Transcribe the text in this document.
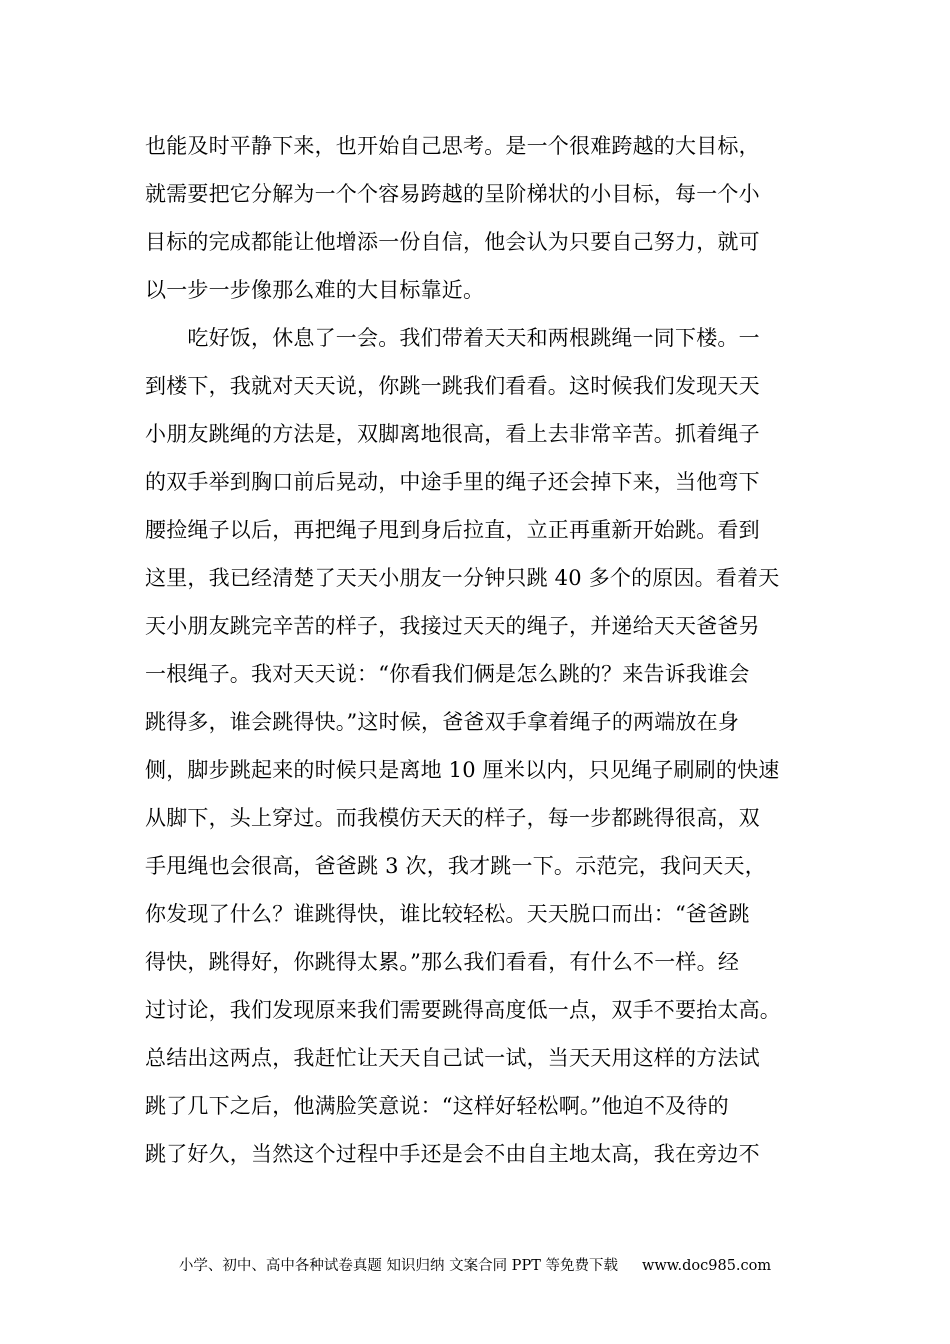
也能及时平静下来，也开始自己思考。是一个很难跨越的大目标，
就需要把它分解为一个个容易跨越的呈阶梯状的小目标，每一个小
目标的完成都能让他增添一份自信，他会认为只要自己努力，就可
以一步一步像那么难的大目标靠近。
　　吃好饭，休息了一会。我们带着天天和两根跳绳一同下楼。一
到楼下，我就对天天说，你跳一跳我们看看。这时候我们发现天天
小朋友跳绳的方法是，双脚离地很高，看上去非常辛苦。抓着绳子
的双手举到胸口前后晃动，中途手里的绳子还会掉下来，当他弯下
腰捡绳子以后，再把绳子甩到身后拉直，立正再重新开始跳。看到
这里，我已经清楚了天天小朋友一分钟只跳 40 多个的原因。看着天
天小朋友跳完辛苦的样子，我接过天天的绳子，并递给天天爸爸另
一根绳子。我对天天说：“你看我们俩是怎么跳的？来告诉我谁会
跳得多，谁会跳得快。”这时候，爸爸双手拿着绳子的两端放在身
侧，脚步跳起来的时候只是离地 10 厘米以内，只见绳子刷刷的快速
从脚下，头上穿过。而我模仿天天的样子，每一步都跳得很高，双
手甩绳也会很高，爸爸跳 3 次，我才跳一下。示范完，我问天天，
你发现了什么？谁跳得快，谁比较轻松。天天脱口而出：“爸爸跳
得快，跳得好，你跳得太累。”那么我们看看，有什么不一样。经
过讨论，我们发现原来我们需要跳得高度低一点，双手不要抬太高。
总结出这两点，我赶忙让天天自己试一试，当天天用这样的方法试
跳了几下之后，他满脸笑意说：“这样好轻松啊。”他迫不及待的
跳了好久，当然这个过程中手还是会不由自主地太高，我在旁边不
小学、初中、高中各种试卷真题 知识归纳 文案合同 PPT 等免费下载 www.doc985.com
